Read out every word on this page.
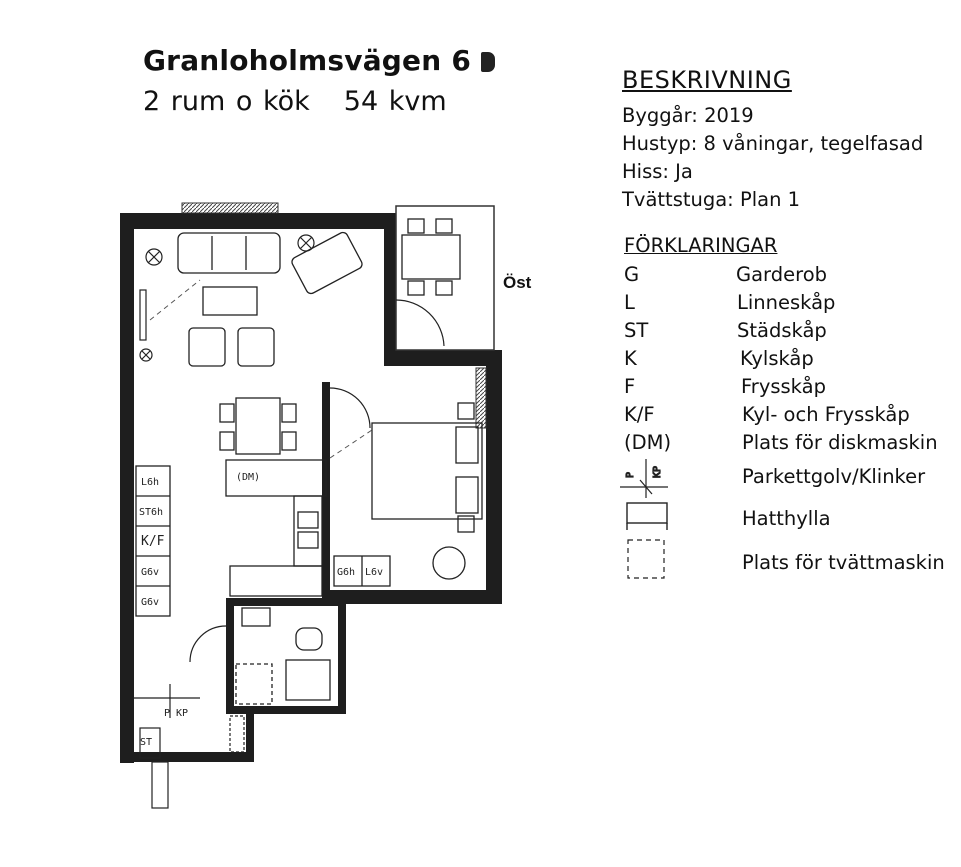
Granloholmsvägen 6
2 rum o kök 54 kvm
BESKRIVNING
Byggår: 2019
Hustyp: 8 våningar, tegelfasad
Hiss: Ja
Tvättstuga: Plan 1
FÖRKLARINGAR
G	Garderob
L	Linneskåp
ST	Städskåp
K	Kylskåp
F	Frysskåp
K/F	Kyl- och Frysskåp
(DM)	Plats för diskmaskin
Parkettgolv/Klinker
Hatthylla
Plats för tvättmaskin
Öst
P KP
(DM)
L6h
ST6h
K/F
G6v
G6v
G6h L6v
P KP
ST
